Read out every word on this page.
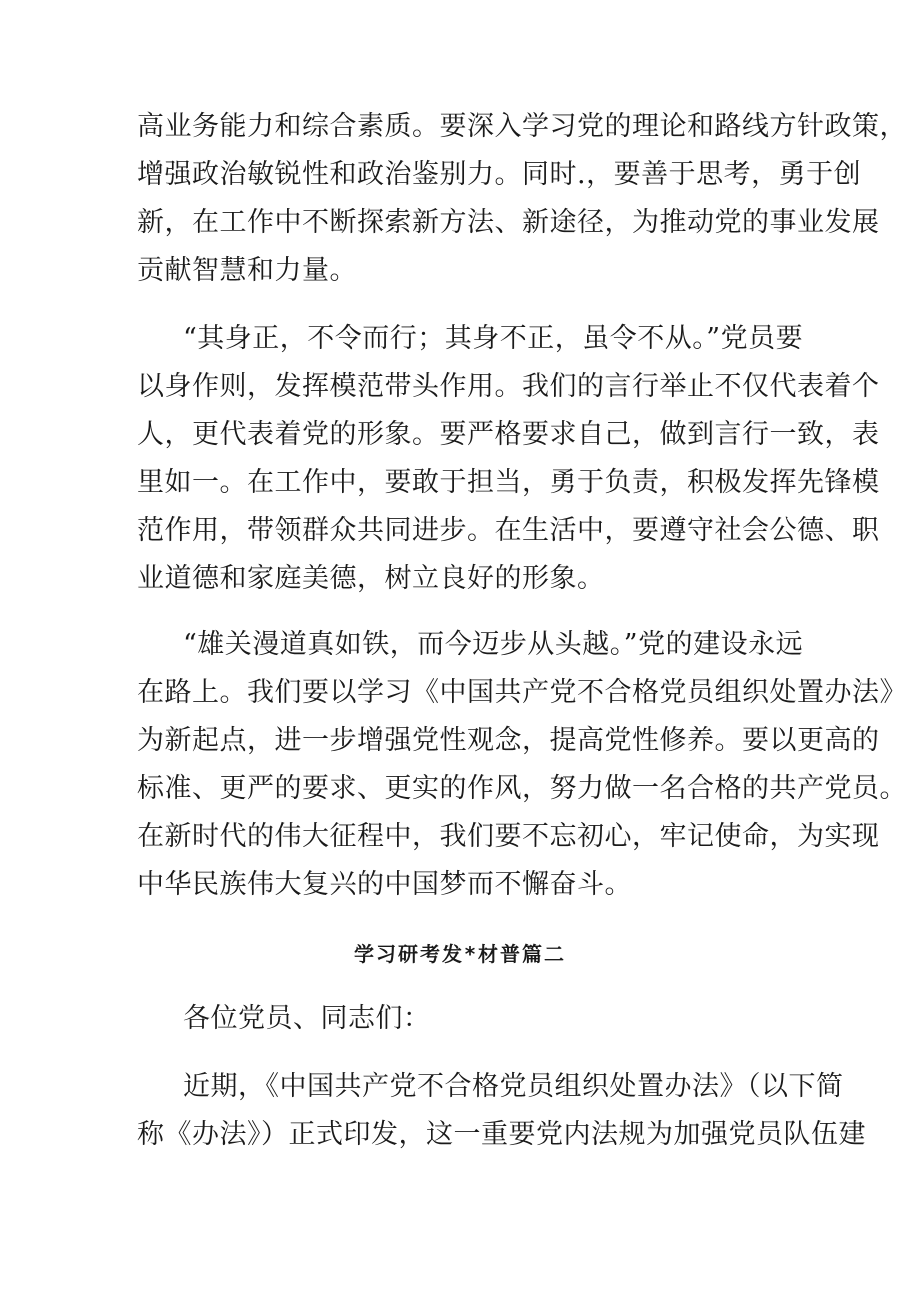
高业务能力和综合素质。要深入学习党的理论和路线方针政策，

增强政治敏锐性和政治鉴别力。同时.，要善于思考，勇于创

新，在工作中不断探索新方法、新途径，为推动党的事业发展

贡献智慧和力量。

“其身正，不令而行；其身不正，虽令不从。”党员要

以身作则，发挥模范带头作用。我们的言行举止不仅代表着个

人，更代表着党的形象。要严格要求自己，做到言行一致，表

里如一。在工作中，要敢于担当，勇于负责，积极发挥先锋模

范作用，带领群众共同进步。在生活中，要遵守社会公德、职

业道德和家庭美德，树立良好的形象。

“雄关漫道真如铁，而今迈步从头越。”党的建设永远

在路上。我们要以学习《中国共产党不合格党员组织处置办法》

为新起点，进一步增强党性观念，提高党性修养。要以更高的

标准、更严的要求、更实的作风，努力做一名合格的共产党员。

在新时代的伟大征程中，我们要不忘初心，牢记使命，为实现

中华民族伟大复兴的中国梦而不懈奋斗。

学习研考发*材普篇二

各位党员、同志们：

近期，《中国共产党不合格党员组织处置办法》（以下简

称《办法》）正式印发，这一重要党内法规为加强党员队伍建
